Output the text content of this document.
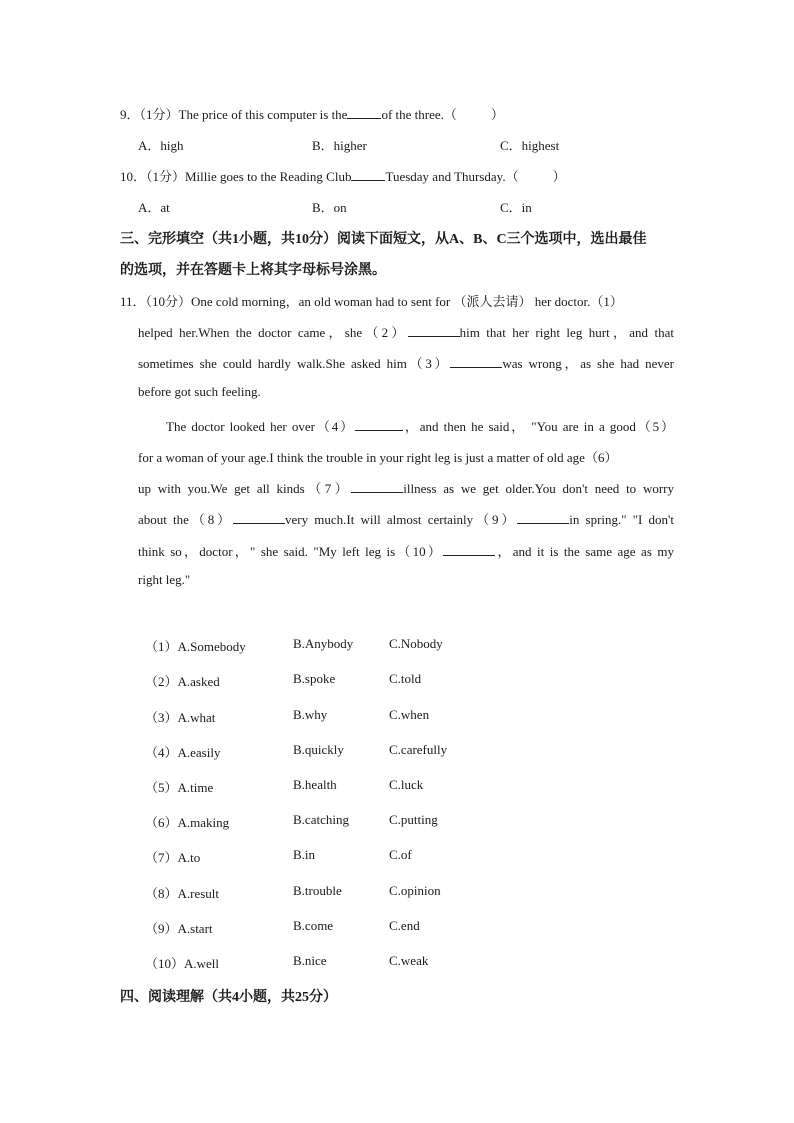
9．（1分）The price of this computer is the	of the three.（	）
A．high	B．higher	C．highest
10．（1分）Millie goes to the Reading Club	Tuesday and Thursday.（	）
A．at	B．on	C．in
三、完形填空（共1小题，共10分）阅读下面短文，从A、B、C三个选项中，选出最佳
的选项，并在答题卡上将其字母标号涂黑。
11．（10分）One cold morning，an old woman had to sent for （派人去请） her doctor.（1）
helped her.When the doctor came，she（2）	him that her right leg hurt，and that
sometimes she could hardly walk.She asked him（3）	was wrong，as she had never
before got such feeling.
The doctor looked her over（4）	，and then he said， "You are in a good（5）
for a woman of your age.I think the trouble in your right leg is just a matter of old age（6）
up with you.We get all kinds（7）	illness as we get older.You don't need to worry
about the（8）	very much.It will almost certainly（9）	in spring." "I don't
think so，doctor，" she said. "My left leg is（10）	，and it is the same age as my
right leg."
（1）A.Somebody	B.Anybody	C.Nobody
（2）A.asked	B.spoke	C.told
（3）A.what	B.why	C.when
（4）A.easily	B.quickly	C.carefully
（5）A.time	B.health	C.luck
（6）A.making	B.catching	C.putting
（7）A.to	B.in	C.of
（8）A.result	B.trouble	C.opinion
（9）A.start	B.come	C.end
（10）A.well	B.nice	C.weak
四、阅读理解（共4小题，共25分）
